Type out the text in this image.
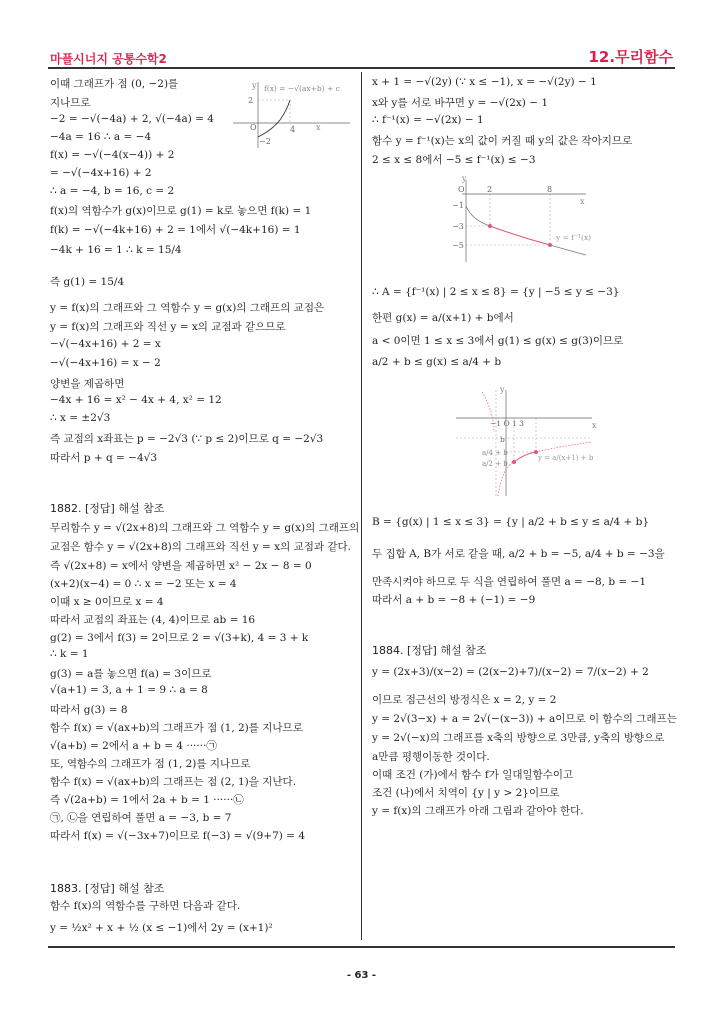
마플시너지 공통수학2	12.무리함수
- 63 -
이때 그래프가 점 (0, −2)를
지나므로
−2 = −√(−4a) + 2, √(−4a) = 4
−4a = 16 ∴ a = −4
f(x) = −√(−4(x−4)) + 2
= −√(−4x+16) + 2
∴ a = −4, b = 16, c = 2
f(x)의 역함수가 g(x)이므로 g(1) = k로 놓으면 f(k) = 1
f(k) = −√(−4k+16) + 2 = 1에서 √(−4k+16) = 1
−4k + 16 = 1 ∴ k = 15/4
즉 g(1) = 15/4
y = f(x)의 그래프와 그 역함수 y = g(x)의 그래프의 교점은
y = f(x)의 그래프와 직선 y = x의 교점과 같으므로
−√(−4x+16) + 2 = x
−√(−4x+16) = x − 2
양변을 제곱하면
−4x + 16 = x² − 4x + 4, x² = 12
∴ x = ±2√3
즉 교점의 x좌표는 p = −2√3 (∵ p ≤ 2)이므로 q = −2√3
따라서 p + q = −4√3
1882. [정답] 해설 참조
무리함수 y = √(2x+8)의 그래프와 그 역함수 y = g(x)의 그래프의
교점은 함수 y = √(2x+8)의 그래프와 직선 y = x의 교점과 같다.
즉 √(2x+8) = x에서 양변을 제곱하면 x² − 2x − 8 = 0
(x+2)(x−4) = 0 ∴ x = −2 또는 x = 4
이때 x ≥ 0이므로 x = 4
따라서 교점의 좌표는 (4, 4)이므로 ab = 16
g(2) = 3에서 f(3) = 2이므로 2 = √(3+k), 4 = 3 + k
∴ k = 1
g(3) = a를 놓으면 f(a) = 3이므로
√(a+1) = 3, a + 1 = 9 ∴ a = 8
따라서 g(3) = 8
함수 f(x) = √(ax+b)의 그래프가 점 (1, 2)를 지나므로
√(a+b) = 2에서 a + b = 4 ······㉠
또, 역함수의 그래프가 점 (1, 2)를 지나므로
함수 f(x) = √(ax+b)의 그래프는 점 (2, 1)을 지난다.
즉 √(2a+b) = 1에서 2a + b = 1 ······㉡
㉠, ㉡을 연립하여 풀면 a = −3, b = 7
따라서 f(x) = √(−3x+7)이므로 f(−3) = √(9+7) = 4
1883. [정답] 해설 참조
함수 f(x)의 역함수를 구하면 다음과 같다.
y = ½x² + x + ½ (x ≤ −1)에서 2y = (x+1)²
y
x
O	4
2
−2
f(x) = −√(ax+b) + c
x + 1 = −√(2y) (∵ x ≤ −1), x = −√(2y) − 1
x와 y를 서로 바꾸면 y = −√(2x) − 1
∴ f⁻¹(x) = −√(2x) − 1
함수 y = f⁻¹(x)는 x의 값이 커질 때 y의 값은 작아지므로
2 ≤ x ≤ 8에서 −5 ≤ f⁻¹(x) ≤ −3
∴ A = {f⁻¹(x) | 2 ≤ x ≤ 8} = {y | −5 ≤ y ≤ −3}
한편 g(x) = a/(x+1) + b에서
a < 0이면 1 ≤ x ≤ 3에서 g(1) ≤ g(x) ≤ g(3)이므로
a/2 + b ≤ g(x) ≤ a/4 + b
B = {g(x) | 1 ≤ x ≤ 3} = {y | a/2 + b ≤ y ≤ a/4 + b}
두 집합 A, B가 서로 같을 때, a/2 + b = −5, a/4 + b = −3을
만족시켜야 하므로 두 식을 연립하여 풀면 a = −8, b = −1
따라서 a + b = −8 + (−1) = −9
1884. [정답] 해설 참조
y = (2x+3)/(x−2) = (2(x−2)+7)/(x−2) = 7/(x−2) + 2
이므로 점근선의 방정식은 x = 2, y = 2
y = 2√(3−x) + a = 2√(−(x−3)) + a이므로 이 함수의 그래프는
y = 2√(−x)의 그래프를 x축의 방향으로 3만큼, y축의 방향으로
a만큼 평행이동한 것이다.
이때 조건 (가)에서 함수 f가 일대일함수이고
조건 (나)에서 치역이 {y | y > 2}이므로
y = f(x)의 그래프가 아래 그림과 같아야 한다.
y
x
O	2	8
−1
−3
−5
y = f⁻¹(x)
y
x
−1 O 1 3
b
a/4 + b
a/2 + b
y = a/(x+1) + b
